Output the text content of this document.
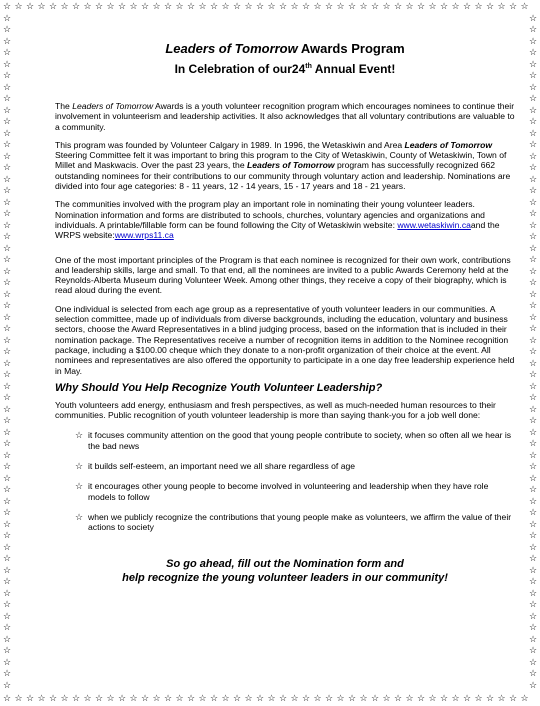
☆
☆
☆
☆
☆
☆
☆
☆
☆
☆
☆
☆
☆
☆
☆
☆
☆
☆
☆
☆
☆
☆
☆
☆
☆
☆
☆
☆
☆
☆
☆
☆
☆
☆
☆
☆
☆
☆
☆
☆
☆
☆
☆
☆
☆
☆
☆
☆
☆
☆
☆
☆
☆
☆
☆
☆
☆
☆
☆
☆
☆
☆
☆
☆
☆
☆
☆
☆
☆
☆
☆
☆
☆
☆
☆
☆
☆
☆
☆
☆
☆
☆
☆
☆
☆
☆
☆
☆
☆
☆
☆
☆
☆	☆
☆	☆
☆	☆
☆	☆
☆	☆
☆	☆
☆	☆
☆	☆
☆	☆
☆	☆
☆	☆
☆	☆
☆	☆
☆	☆
☆	☆
☆	☆
☆	☆
☆	☆
☆	☆
☆	☆
☆	☆
☆	☆
☆	☆
☆	☆
☆	☆
☆	☆
☆	☆
☆	☆
☆	☆
☆	☆
☆	☆
☆	☆
☆	☆
☆	☆
☆	☆
☆	☆
☆	☆
☆	☆
☆	☆
☆	☆
☆	☆
☆	☆
☆	☆
☆	☆
☆	☆
☆	☆
☆	☆
☆	☆
☆	☆
☆	☆
☆	☆
☆	☆
☆	☆
☆	☆
☆	☆
☆	☆
☆	☆
☆	☆
☆	☆

Leaders of Tomorrow Awards Program

In Celebration of our24th Annual Event!

The Leaders of Tomorrow Awards is a youth volunteer recognition program which encourages nominees to continue their involvement in volunteerism and leadership activities. It also acknowledges that all voluntary contributions are valuable to a community.

This program was founded by Volunteer Calgary in 1989. In 1996, the Wetaskiwin and Area Leaders of Tomorrow Steering Committee felt it was important to bring this program to the City of Wetaskiwin, County of Wetaskiwin, Town of Millet and Maskwacis. Over the past 23 years, the Leaders of Tomorrow program has successfully recognized 662 outstanding nominees for their contributions to our community through voluntary action and leadership. Nominations are divided into four age categories: 8 - 11 years, 12 - 14 years, 15 - 17 years and 18 - 21 years.

The communities involved with the program play an important role in nominating their young volunteer leaders. Nomination information and forms are distributed to schools, churches, voluntary agencies and organizations and individuals. A printable/fillable form can be found following the City of Wetaskiwin website: www.wetaskiwin.caand the WRPS website:www.wrps11.ca

One of the most important principles of the Program is that each nominee is recognized for their own work, contributions and leadership skills, large and small. To that end, all the nominees are invited to a public Awards Ceremony held at the Reynolds-Alberta Museum during Volunteer Week. Among other things, they receive a copy of their biography, which is read aloud during the event.

One individual is selected from each age group as a representative of youth volunteer leaders in our communities. A selection committee, made up of individuals from diverse backgrounds, including the education, voluntary and business sectors, choose the Award Representatives in a blind judging process, based on the information that is included in their nomination package. The Representatives receive a number of recognition items in addition to the Nominee recognition package, including a $100.00 cheque which they donate to a non-profit organization of their choice at the event. All nominees and representatives are also offered the opportunity to participate in a one day free leadership experience held in May.

Why Should You Help Recognize Youth Volunteer Leadership?

Youth volunteers add energy, enthusiasm and fresh perspectives, as well as much-needed human resources to their communities. Public recognition of youth volunteer leadership is more than saying thank-you for a job well done:

☆ it focuses community attention on the good that young people contribute to society, when so often all we hear is the bad news
☆ it builds self-esteem, an important need we all share regardless of age
☆ it encourages other young people to become involved in volunteering and leadership when they have role models to follow
☆ when we publicly recognize the contributions that young people make as volunteers, we affirm the value of their actions to society

So go ahead, fill out the Nomination form and

help recognize the young volunteer leaders in our community!
